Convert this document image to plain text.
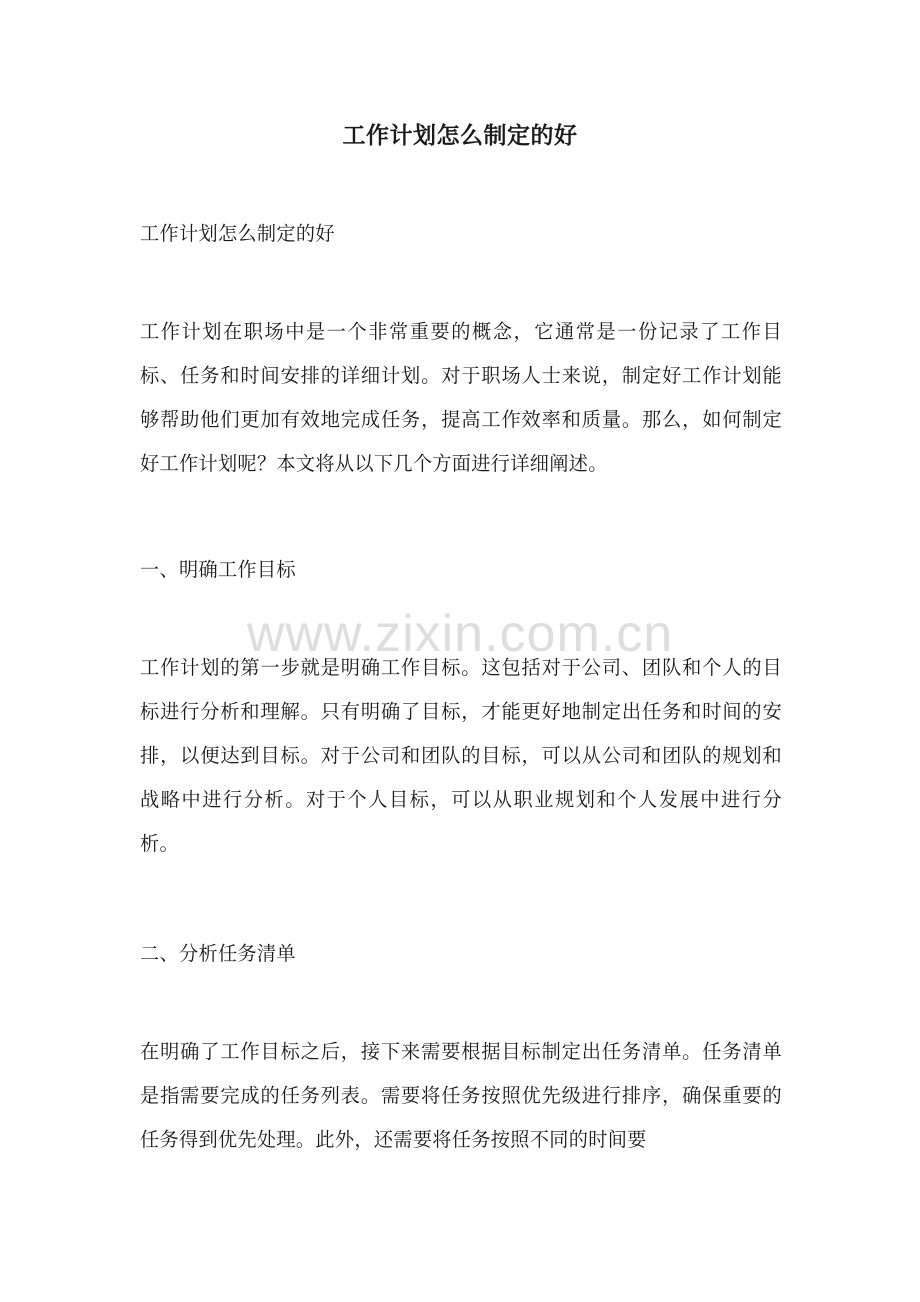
工作计划怎么制定的好

工作计划怎么制定的好

工作计划在职场中是一个非常重要的概念，它通常是一份记录了工作目标、任务和时间安排的详细计划。对于职场人士来说，制定好工作计划能够帮助他们更加有效地完成任务，提高工作效率和质量。那么，如何制定好工作计划呢？本文将从以下几个方面进行详细阐述。

一、明确工作目标

www.zixin.com.cn

工作计划的第一步就是明确工作目标。这包括对于公司、团队和个人的目标进行分析和理解。只有明确了目标，才能更好地制定出任务和时间的安排，以便达到目标。对于公司和团队的目标，可以从公司和团队的规划和战略中进行分析。对于个人目标，可以从职业规划和个人发展中进行分析。

二、分析任务清单

在明确了工作目标之后，接下来需要根据目标制定出任务清单。任务清单是指需要完成的任务列表。需要将任务按照优先级进行排序，确保重要的任务得到优先处理。此外，还需要将任务按照不同的时间要
